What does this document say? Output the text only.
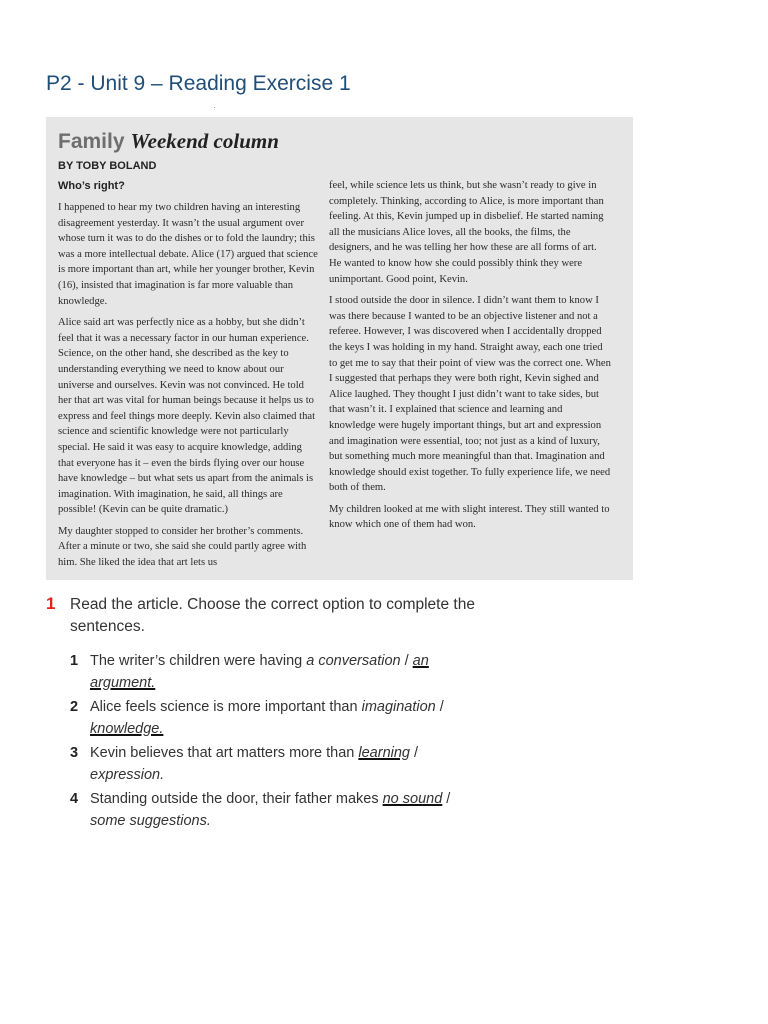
P2 - Unit 9 – Reading Exercise 1
Family Weekend column
BY TOBY BOLAND
Who’s right?

I happened to hear my two children having an interesting disagreement yesterday. It wasn’t the usual argument over whose turn it was to do the dishes or to fold the laundry; this was a more intellectual debate. Alice (17) argued that science is more important than art, while her younger brother, Kevin (16), insisted that imagination is far more valuable than knowledge.

Alice said art was perfectly nice as a hobby, but she didn’t feel that it was a necessary factor in our human experience. Science, on the other hand, she described as the key to understanding everything we need to know about our universe and ourselves. Kevin was not convinced. He told her that art was vital for human beings because it helps us to express and feel things more deeply. Kevin also claimed that science and scientific knowledge were not particularly special. He said it was easy to acquire knowledge, adding that everyone has it – even the birds flying over our house have knowledge – but what sets us apart from the animals is imagination. With imagination, he said, all things are possible! (Kevin can be quite dramatic.)

My daughter stopped to consider her brother’s comments. After a minute or two, she said she could partly agree with him. She liked the idea that art lets us

feel, while science lets us think, but she wasn’t ready to give in completely. Thinking, according to Alice, is more important than feeling. At this, Kevin jumped up in disbelief. He started naming all the musicians Alice loves, all the books, the films, the designers, and he was telling her how these are all forms of art. He wanted to know how she could possibly think they were unimportant. Good point, Kevin.

I stood outside the door in silence. I didn’t want them to know I was there because I wanted to be an objective listener and not a referee. However, I was discovered when I accidentally dropped the keys I was holding in my hand. Straight away, each one tried to get me to say that their point of view was the correct one. When I suggested that perhaps they were both right, Kevin sighed and Alice laughed. They thought I just didn’t want to take sides, but that wasn’t it. I explained that science and learning and knowledge were hugely important things, but art and expression and imagination were essential, too; not just as a kind of luxury, but something much more meaningful than that. Imagination and knowledge should exist together. To fully experience life, we need both of them.

My children looked at me with slight interest. They still wanted to know which one of them had won.

1 Read the article. Choose the correct option to complete the sentences.
1 The writer’s children were having a conversation / an argument.
2 Alice feels science is more important than imagination / knowledge.
3 Kevin believes that art matters more than learning / expression.
4 Standing outside the door, their father makes no sound / some suggestions.
